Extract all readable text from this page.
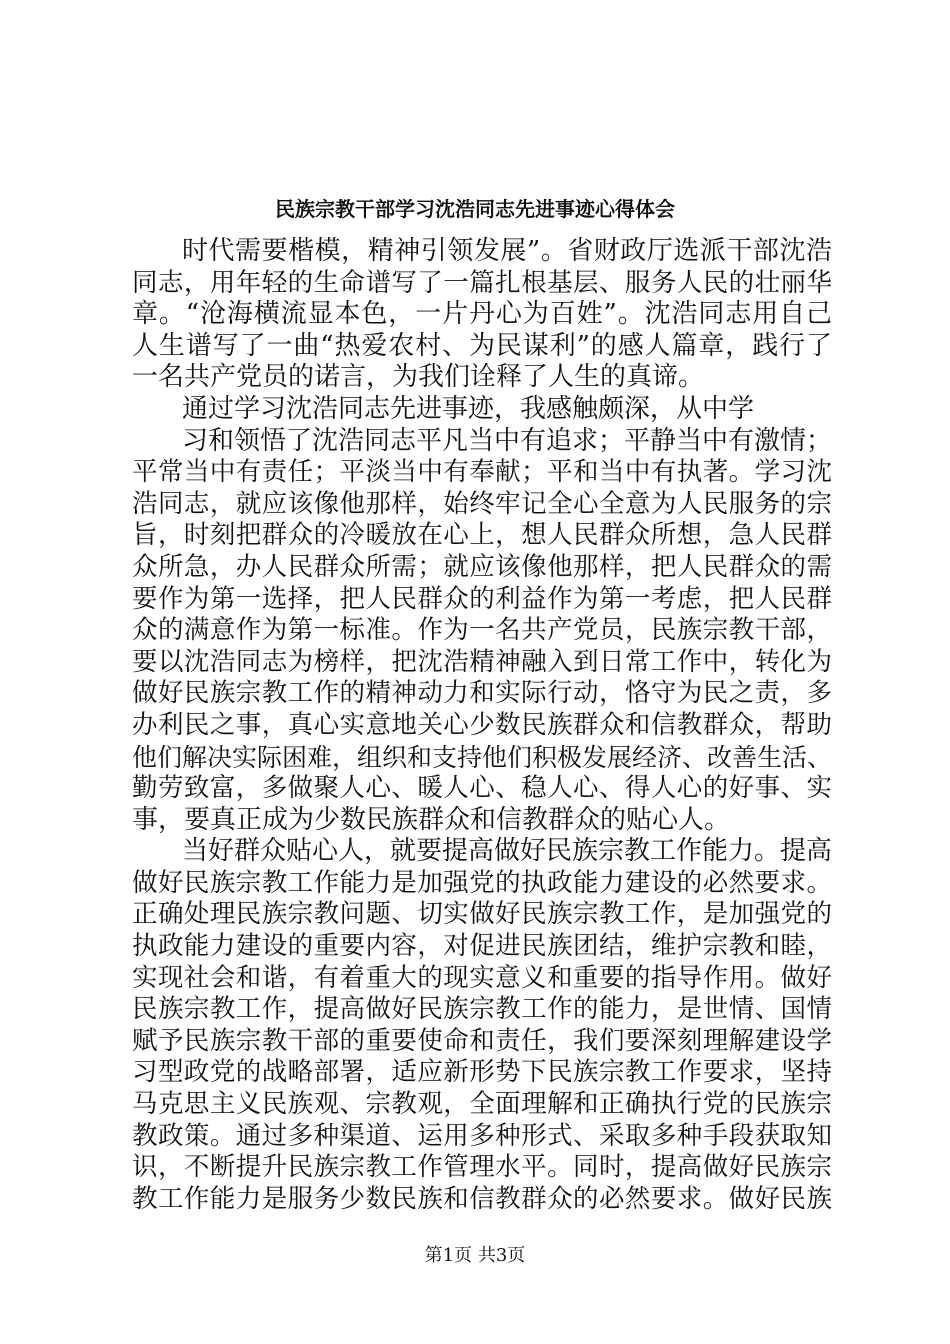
民族宗教干部学习沈浩同志先进事迹心得体会
时代需要楷模，精神引领发展”。省财政厅选派干部沈浩
同志，用年轻的生命谱写了一篇扎根基层、服务人民的壮丽华
章。“沧海横流显本色，一片丹心为百姓”。沈浩同志用自己
人生谱写了一曲“热爱农村、为民谋利”的感人篇章，践行了
一名共产党员的诺言，为我们诠释了人生的真谛。
通过学习沈浩同志先进事迹，我感触颇深，从中学
习和领悟了沈浩同志平凡当中有追求；平静当中有激情；
平常当中有责任；平淡当中有奉献；平和当中有执著。学习沈
浩同志，就应该像他那样，始终牢记全心全意为人民服务的宗
旨，时刻把群众的冷暖放在心上，想人民群众所想，急人民群
众所急，办人民群众所需；就应该像他那样，把人民群众的需
要作为第一选择，把人民群众的利益作为第一考虑，把人民群
众的满意作为第一标准。作为一名共产党员，民族宗教干部，
要以沈浩同志为榜样，把沈浩精神融入到日常工作中，转化为
做好民族宗教工作的精神动力和实际行动，恪守为民之责，多
办利民之事，真心实意地关心少数民族群众和信教群众，帮助
他们解决实际困难，组织和支持他们积极发展经济、改善生活、
勤劳致富，多做聚人心、暖人心、稳人心、得人心的好事、实
事，要真正成为少数民族群众和信教群众的贴心人。
当好群众贴心人，就要提高做好民族宗教工作能力。提高
做好民族宗教工作能力是加强党的执政能力建设的必然要求。
正确处理民族宗教问题、切实做好民族宗教工作，是加强党的
执政能力建设的重要内容，对促进民族团结，维护宗教和睦，
实现社会和谐，有着重大的现实意义和重要的指导作用。做好
民族宗教工作，提高做好民族宗教工作的能力，是世情、国情
赋予民族宗教干部的重要使命和责任，我们要深刻理解建设学
习型政党的战略部署，适应新形势下民族宗教工作要求，坚持
马克思主义民族观、宗教观，全面理解和正确执行党的民族宗
教政策。通过多种渠道、运用多种形式、采取多种手段获取知
识，不断提升民族宗教工作管理水平。同时，提高做好民族宗
教工作能力是服务少数民族和信教群众的必然要求。做好民族
第1页 共3页
